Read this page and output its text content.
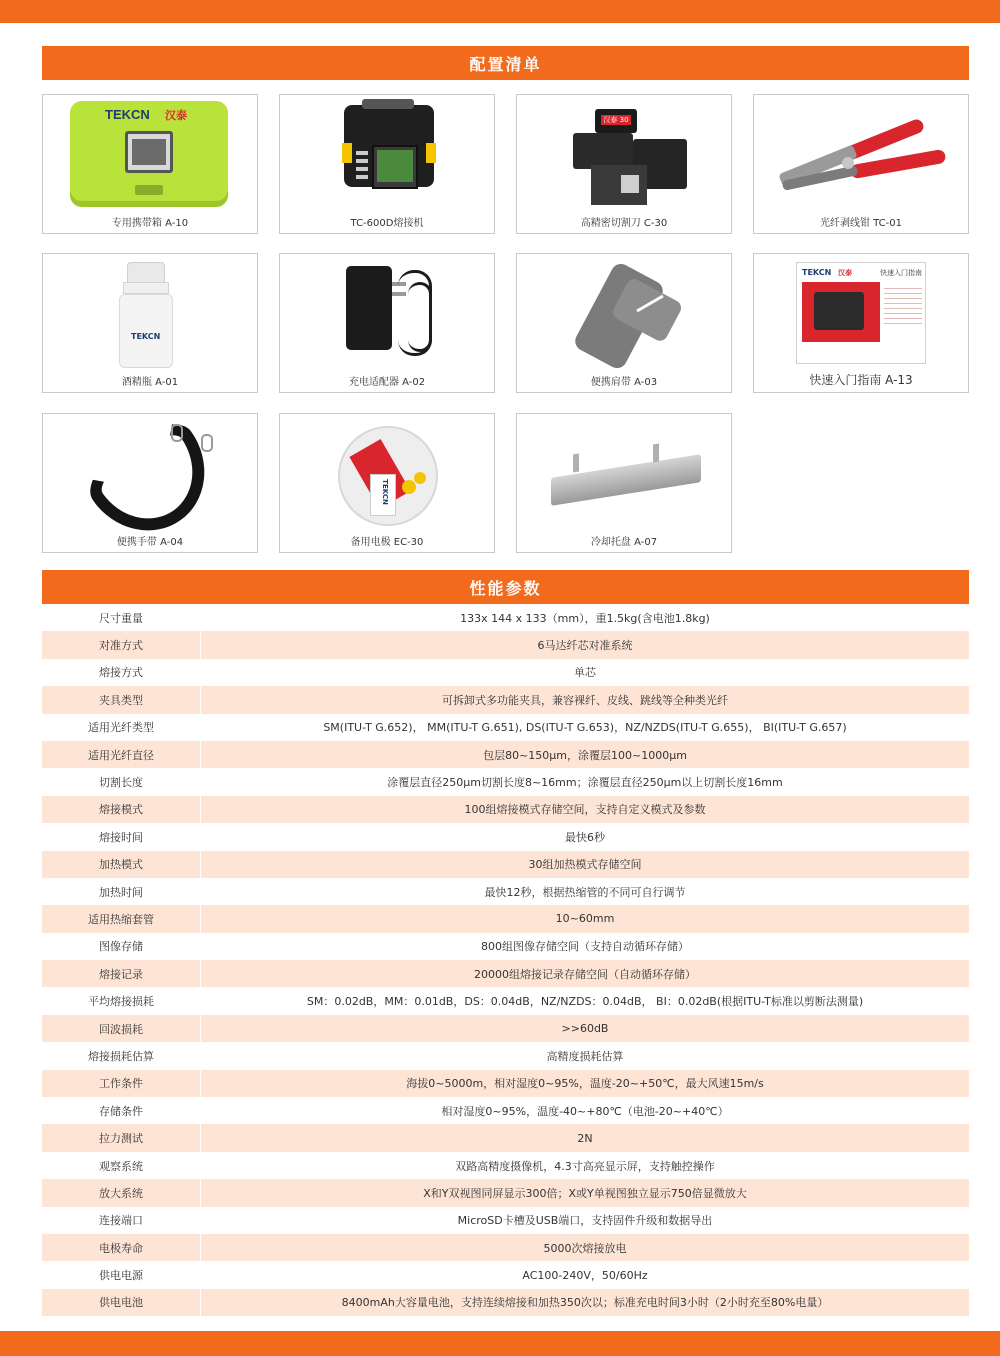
配置清单
TEKCN 汉泰
专用携带箱 A-10	TC-600D熔接机
汉泰 30
高精密切割刀 C-30	光纤剥线钳 TC-01
TEKCN
酒精瓶 A-01	充电适配器 A-02	便携肩带 A-03
TEKCN 汉泰	快速入门指南
快速入门指南 A-13
便携手带 A-04
TEKCN
备用电极 EC-30	冷却托盘 A-07
性能参数
尺寸重量	133x 144 x 133（mm），重1.5kg(含电池1.8kg)
对准方式	6马达纤芯对准系统
熔接方式	单芯
夹具类型	可拆卸式多功能夹具，兼容裸纤、皮线、跳线等全种类光纤
适用光纤类型	SM(ITU-T G.652)， MM(ITU-T G.651), DS(ITU-T G.653)，NZ/NZDS(ITU-T G.655)， BI(ITU-T G.657)
适用光纤直径	包层80~150μm，涂覆层100~1000μm
切割长度	涂覆层直径250μm切割长度8~16mm；涂覆层直径250μm以上切割长度16mm
熔接模式	100组熔接模式存储空间，支持自定义模式及参数
熔接时间	最快6秒
加热模式	30组加热模式存储空间
加热时间	最快12秒，根据热缩管的不同可自行调节
适用热缩套管	10~60mm
图像存储	800组图像存储空间（支持自动循环存储）
熔接记录	20000组熔接记录存储空间（自动循环存储）
平均熔接损耗	SM：0.02dB，MM：0.01dB，DS：0.04dB，NZ/NZDS：0.04dB， BI：0.02dB(根据ITU-T标准以剪断法测量)
回波损耗	>>60dB
熔接损耗估算	高精度损耗估算
工作条件	海拔0~5000m，相对湿度0~95%，温度-20~+50℃，最大风速15m/s
存储条件	相对湿度0~95%，温度-40~+80℃（电池-20~+40℃）
拉力测试	2N
观察系统	双路高精度摄像机，4.3寸高亮显示屏，支持触控操作
放大系统	X和Y双视图同屏显示300倍；X或Y单视图独立显示750倍显微放大
连接端口	MicroSD卡槽及USB端口，支持固件升级和数据导出
电极寿命	5000次熔接放电
供电电源	AC100-240V，50/60Hz
供电电池	8400mAh大容量电池，支持连续熔接和加热350次以；标准充电时间3小时（2小时充至80%电量）
